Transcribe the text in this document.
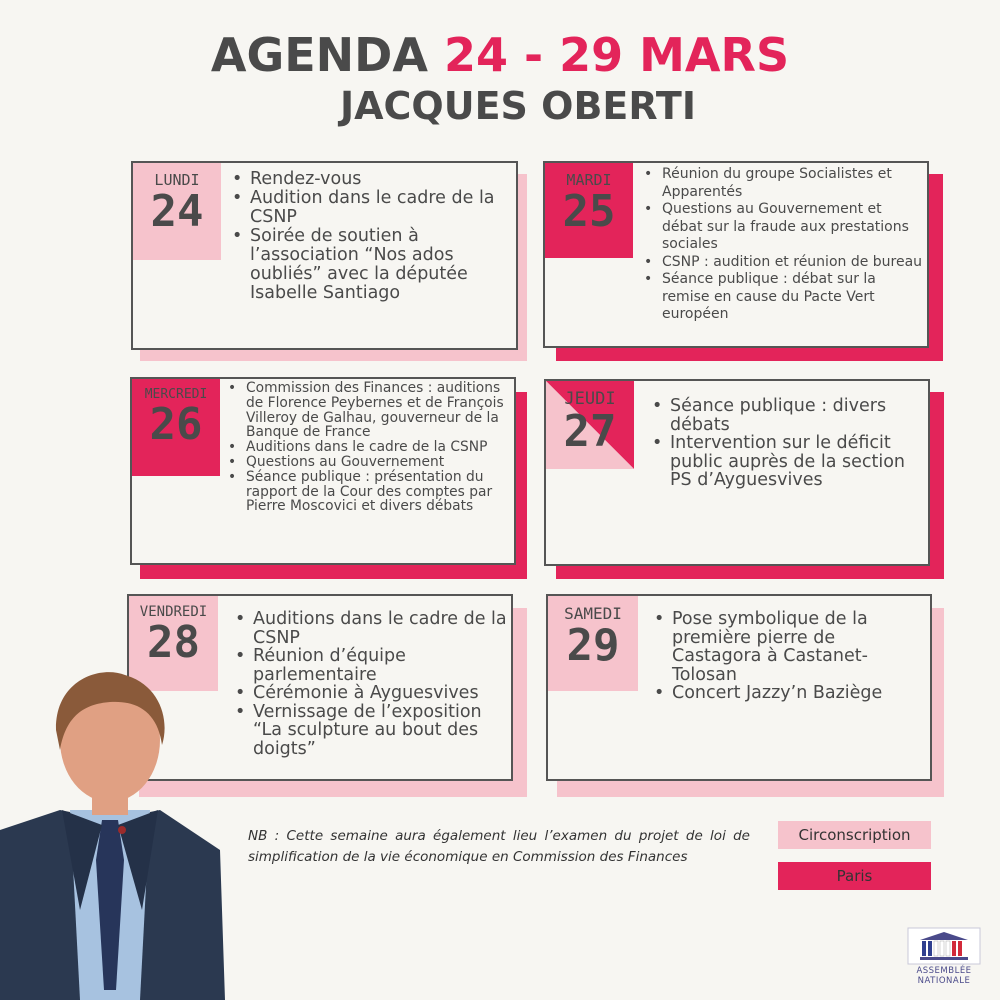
AGENDA 24 - 29 MARS
JACQUES OBERTI
LUNDI
24
• Rendez-vous
• Audition dans le cadre de la CSNP
• Soirée de soutien à l’association “Nos ados oubliés” avec la députée Isabelle Santiago
MARDI
25
• Réunion du groupe Socialistes et Apparentés
• Questions au Gouvernement et débat sur la fraude aux prestations sociales
• CSNP : audition et réunion de bureau
• Séance publique : débat sur la remise en cause du Pacte Vert européen
MERCREDI
26
• Commission des Finances : auditions de Florence Peybernes et de François Villeroy de Galhau, gouverneur de la Banque de France
• Auditions dans le cadre de la CSNP
• Questions au Gouvernement
• Séance publique : présentation du rapport de la Cour des comptes par Pierre Moscovici et divers débats
JEUDI
27	• Séance publique : divers débats
• Intervention sur le déficit public auprès de la section PS d’Ayguesvives
VENDREDI
28	• Auditions dans le cadre de la CSNP
• Réunion d’équipe parlementaire
• Cérémonie à Ayguesvives
• Vernissage de l’exposition “La sculpture au bout des doigts”
SAMEDI
29
• Pose symbolique de la première pierre de Castagora à Castanet-Tolosan
• Concert Jazzy’n Baziège
NB : Cette semaine aura également lieu l’examen du projet de loi de simplification de la vie économique en Commission des Finances
Circonscription
Paris
ASSEMBLÉE
NATIONALE
